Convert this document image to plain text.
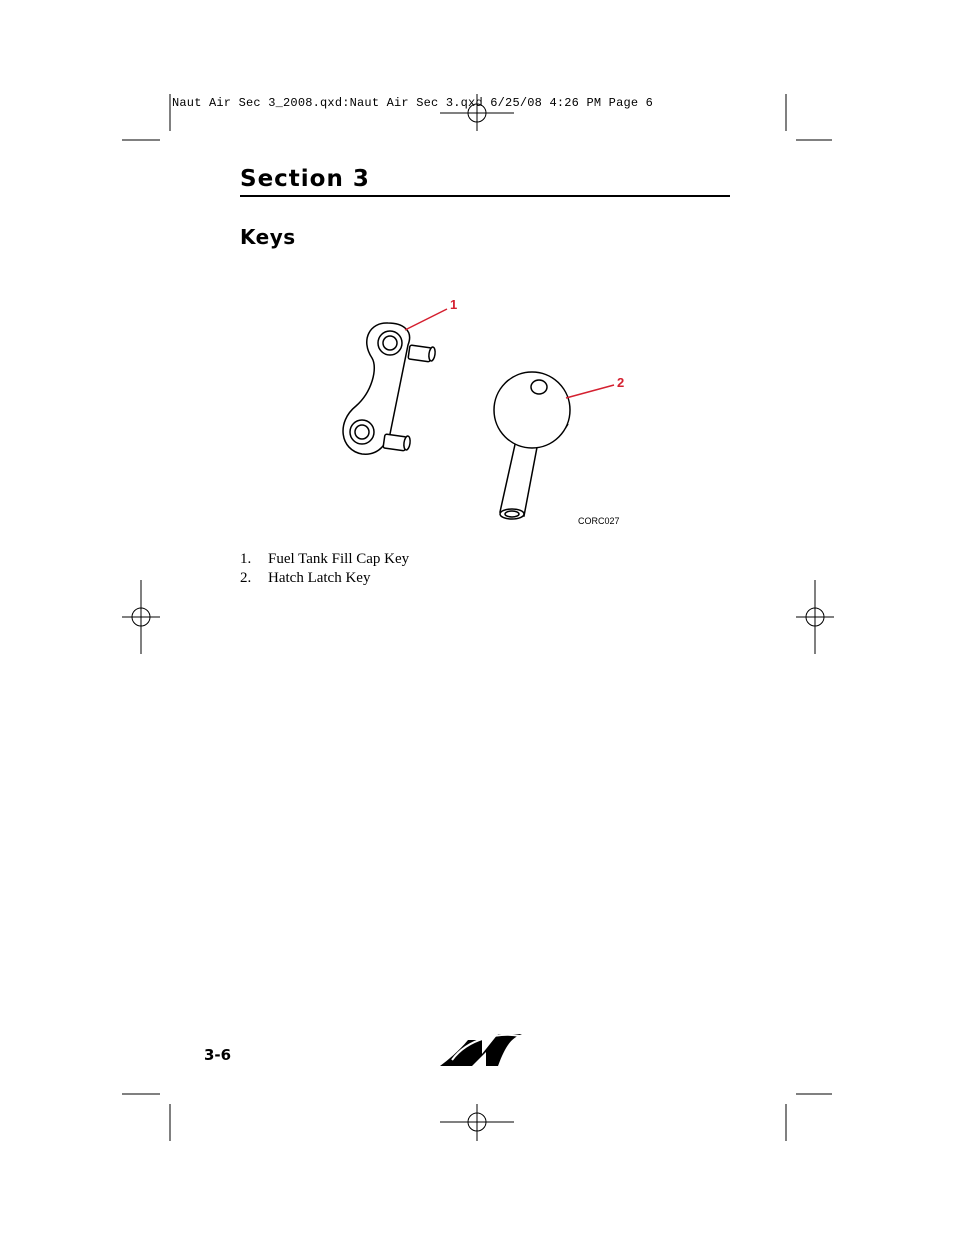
Naut Air Sec 3_2008.qxd:Naut Air Sec 3.qxd 6/25/08 4:26 PM Page 6
Section 3
Keys
1
2
CORC027
1.	Fuel Tank Fill Cap Key
2.	Hatch Latch Key
3-6
